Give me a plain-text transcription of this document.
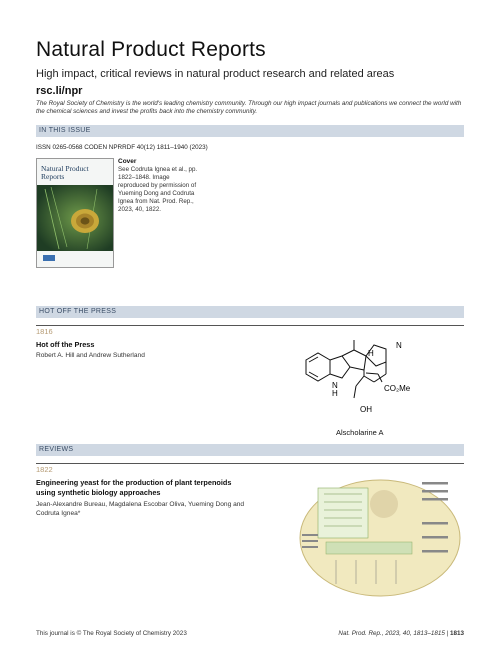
Natural Product Reports
High impact, critical reviews in natural product research and related areas
rsc.li/npr
The Royal Society of Chemistry is the world's leading chemistry community. Through our high impact journals and publications we connect the world with the chemical sciences and invest the profits back into the chemistry community.
IN THIS ISSUE
ISSN 0265-0568 CODEN NPRRDF 40(12) 1811–1940 (2023)
Natural Product Reports
Cover
See Codruta Ignea et al., pp. 1822–1848. Image reproduced by permission of Yueming Dong and Codruta Ignea from Nat. Prod. Rep., 2023, 40, 1822.
HOT OFF THE PRESS
1816
Hot off the Press
Robert A. Hill and Andrew Sutherland
N
H
H
N
CO₂Me
OH
Alscholarine A
REVIEWS
1822
Engineering yeast for the production of plant terpenoids using synthetic biology approaches
Jean-Alexandre Bureau, Magdalena Escobar Oliva, Yueming Dong and Codruta Ignea*
This journal is © The Royal Society of Chemistry 2023	Nat. Prod. Rep., 2023, 40, 1813–1815 | 1813
